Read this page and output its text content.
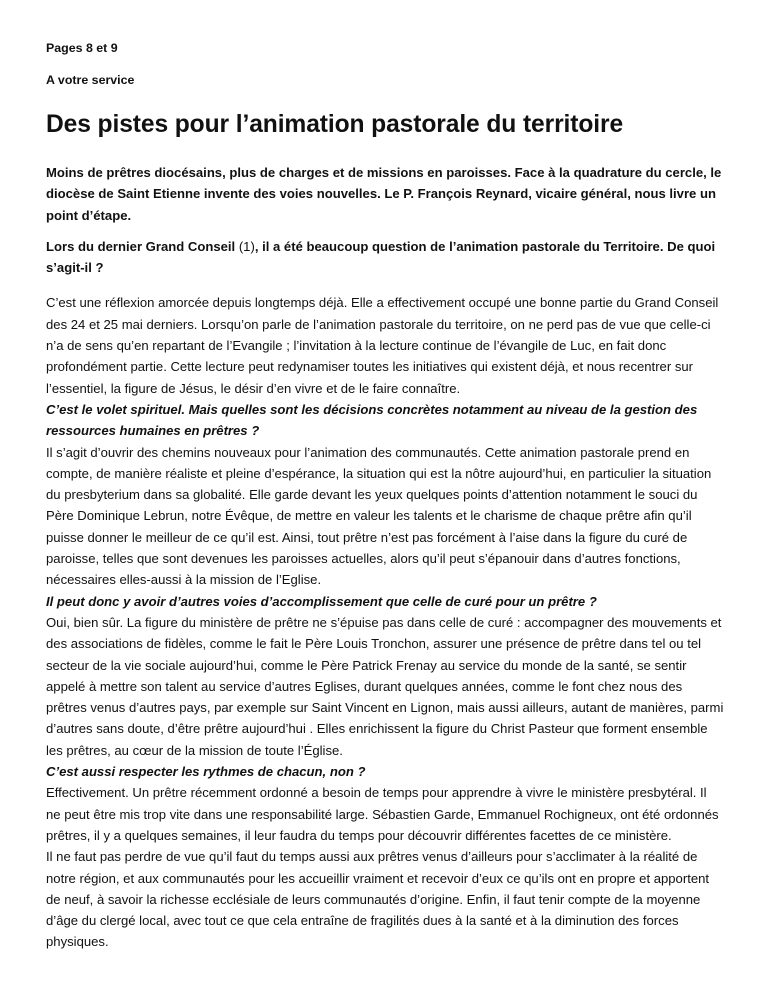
Pages 8 et 9

A votre service

Des pistes pour l’animation pastorale du territoire

Moins de prêtres diocésains, plus de charges et de missions en paroisses. Face à la quadrature du cercle, le diocèse de Saint Etienne invente des voies nouvelles. Le P. François Reynard, vicaire général, nous livre un point d’étape.

Lors du dernier Grand Conseil (1), il a été beaucoup question de l’animation pastorale du Territoire. De quoi s’agit-il ?

C’est une réflexion amorcée depuis longtemps déjà. Elle a effectivement occupé une bonne partie du Grand Conseil des 24 et 25 mai derniers. Lorsqu’on parle de l’animation pastorale du territoire, on ne perd pas de vue que celle-ci n’a de sens qu’en repartant de l’Evangile ; l’invitation à la lecture continue de l’évangile de Luc, en fait donc profondément partie. Cette lecture peut redynamiser toutes les initiatives qui existent déjà, et nous recentrer sur l’essentiel, la figure de Jésus, le désir d’en vivre et de le faire connaître.

C’est le volet spirituel. Mais quelles sont les décisions concrètes notamment au niveau de la gestion des ressources humaines en prêtres ?

Il s’agit d’ouvrir des chemins nouveaux pour l’animation des communautés. Cette animation pastorale prend en compte, de manière réaliste et pleine d’espérance, la situation qui est la nôtre aujourd’hui, en particulier la situation du presbyterium dans sa globalité. Elle garde devant les yeux quelques points d’attention notamment le souci du Père Dominique Lebrun, notre Évêque, de mettre en valeur les talents et le charisme de chaque prêtre afin qu’il puisse donner le meilleur de ce qu’il est. Ainsi, tout prêtre n’est pas forcément à l’aise dans la figure du curé de paroisse, telles que sont devenues les paroisses actuelles, alors qu’il peut s’épanouir dans d’autres fonctions, nécessaires elles-aussi à la mission de l’Eglise.

Il peut donc y avoir d’autres voies d’accomplissement que celle de curé pour un prêtre ?

Oui, bien sûr. La figure du ministère de prêtre ne s’épuise pas dans celle de curé : accompagner des mouvements et des associations de fidèles, comme le fait le Père Louis Tronchon, assurer une présence de prêtre dans tel ou tel secteur de la vie sociale aujourd’hui, comme le Père Patrick Frenay au service du monde de la santé, se sentir appelé à mettre son talent au service d’autres Eglises, durant quelques années, comme le font chez nous des prêtres venus d’autres pays, par exemple sur Saint Vincent en Lignon, mais aussi ailleurs, autant de manières, parmi d’autres sans doute, d’être prêtre aujourd’hui . Elles enrichissent la figure du Christ Pasteur que forment ensemble les prêtres, au cœur de la mission de toute l’Église.

C’est aussi respecter les rythmes de chacun, non ?

Effectivement. Un prêtre récemment ordonné a besoin de temps pour apprendre à vivre le ministère presbytéral. Il ne peut être mis trop vite dans une responsabilité large. Sébastien Garde, Emmanuel Rochigneux, ont été ordonnés prêtres, il y a quelques semaines, il leur faudra du temps pour découvrir différentes facettes de ce ministère.

Il ne faut pas perdre de vue qu’il faut du temps aussi aux prêtres venus d’ailleurs pour s’acclimater à la réalité de notre région, et aux communautés pour les accueillir vraiment et recevoir d’eux ce qu’ils ont en propre et apportent de neuf, à savoir la richesse ecclésiale de leurs communautés d’origine. Enfin, il faut tenir compte de la moyenne d’âge du clergé local, avec tout ce que cela entraîne de fragilités dues à la santé et à la diminution des forces physiques.
